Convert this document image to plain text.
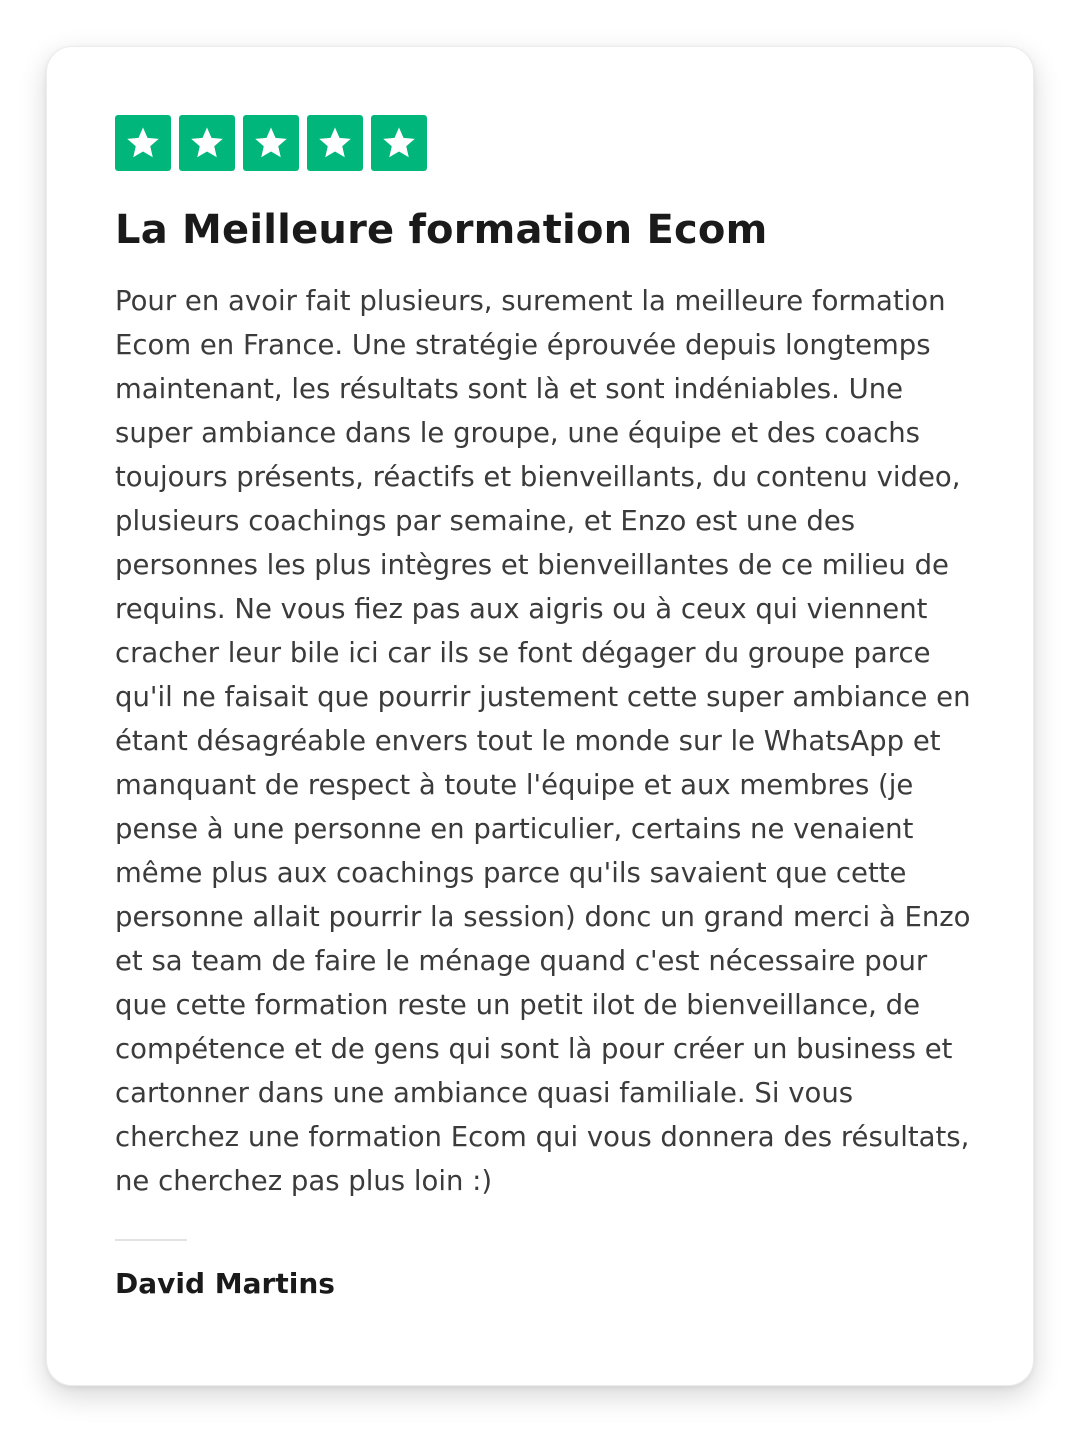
La Meilleure formation Ecom

Pour en avoir fait plusieurs, surement la meilleure formation Ecom en France. Une stratégie éprouvée depuis longtemps maintenant, les résultats sont là et sont indéniables. Une super ambiance dans le groupe, une équipe et des coachs toujours présents, réactifs et bienveillants, du contenu video, plusieurs coachings par semaine, et Enzo est une des personnes les plus intègres et bienveillantes de ce milieu de requins. Ne vous fiez pas aux aigris ou à ceux qui viennent cracher leur bile ici car ils se font dégager du groupe parce qu'il ne faisait que pourrir justement cette super ambiance en étant désagréable envers tout le monde sur le WhatsApp et manquant de respect à toute l'équipe et aux membres (je pense à une personne en particulier, certains ne venaient même plus aux coachings parce qu'ils savaient que cette personne allait pourrir la session) donc un grand merci à Enzo et sa team de faire le ménage quand c'est nécessaire pour que cette formation reste un petit ilot de bienveillance, de compétence et de gens qui sont là pour créer un business et cartonner dans une ambiance quasi familiale. Si vous cherchez une formation Ecom qui vous donnera des résultats, ne cherchez pas plus loin :)

David Martins
